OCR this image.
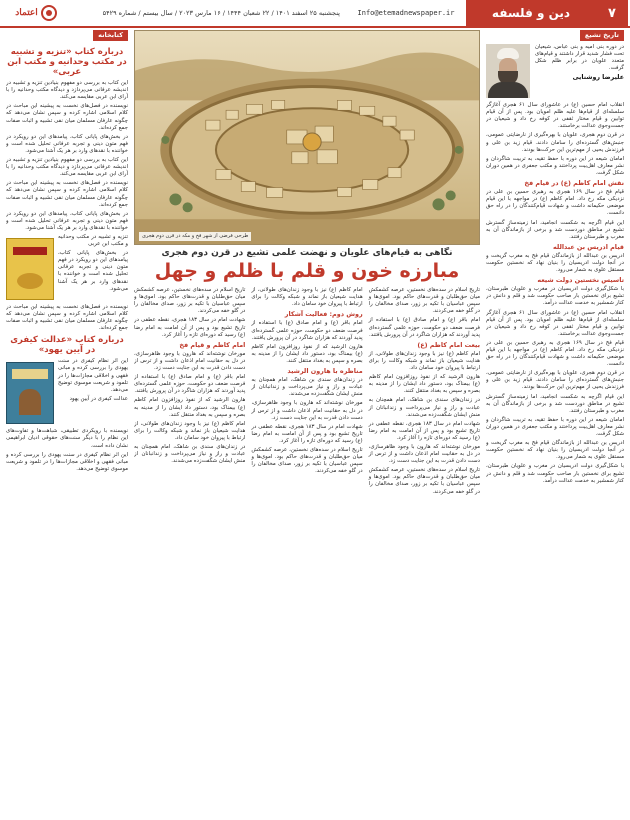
۷
دین و فلسفه
Info@etemadnewspaper.ir
پنجشنبه ۲۵ اسفند ۱۴۰۱ / ۲۲ شعبان ۱۴۴۴ / ۱۶ مارس ۲۰۲۳ / سال بیستم / شماره ۵۴۲۹
اعتماد
تاریخ تشیع

در دوره بنی امیه و بنی عباس، شیعیان تحت فشار شدید قرار داشتند و قیام‌های متعدد علویان در برابر ظلم شکل گرفت.

علیرضا روشنایی

انقلاب امام حسین (ع) در عاشورای سال ۶۱ هجری آغازگر سلسله‌ای از قیام‌ها علیه ظلم امویان بود. پس از آن قیام توابین و قیام مختار ثقفی در کوفه رخ داد و شیعیان در جست‌وجوی عدالت برخاستند.

در قرن دوم هجری، علویان با بهره‌گیری از نارضایتی عمومی، جنبش‌های گسترده‌ای را سامان دادند. قیام زید بن علی و فرزندش یحیی از مهم‌ترین این حرکت‌ها بودند.

امامان شیعه در این دوره با حفظ تقیه، به تربیت شاگردان و نشر معارف اهل‌بیت پرداختند و مکتب جعفری در همین دوران شکل گرفت.

نقش امام کاظم (ع) در قیام فخ

قیام فخ در سال ۱۶۹ هجری به رهبری حسین بن علی در نزدیکی مکه رخ داد. امام کاظم (ع) در مواجهه با این قیام موضعی حکیمانه داشت و شهادت قیام‌کنندگان را در راه حق دانست.

این قیام اگرچه به شکست انجامید، اما زمینه‌ساز گسترش تشیع در مناطق دوردست شد و برخی از بازماندگان آن به مغرب و طبرستان رفتند.

قیام ادریس بن عبدالله

ادریس بن عبدالله از بازماندگان قیام فخ به مغرب گریخت و در آنجا دولت ادریسیان را بنیان نهاد که نخستین حکومت مستقل علوی به شمار می‌رود.

تاسیس نخستین دولت شیعه

با شکل‌گیری دولت ادریسیان در مغرب و علویان طبرستان، تشیع برای نخستین بار صاحب حکومت شد و قلم و دانش در کنار شمشیر به خدمت عدالت درآمد.

انقلاب امام حسین (ع) در عاشورای سال ۶۱ هجری آغازگر سلسله‌ای از قیام‌ها علیه ظلم امویان بود. پس از آن قیام توابین و قیام مختار ثقفی در کوفه رخ داد و شیعیان در جست‌وجوی عدالت برخاستند.

قیام فخ در سال ۱۶۹ هجری به رهبری حسین بن علی در نزدیکی مکه رخ داد. امام کاظم (ع) در مواجهه با این قیام موضعی حکیمانه داشت و شهادت قیام‌کنندگان را در راه حق دانست.

در قرن دوم هجری، علویان با بهره‌گیری از نارضایتی عمومی، جنبش‌های گسترده‌ای را سامان دادند. قیام زید بن علی و فرزندش یحیی از مهم‌ترین این حرکت‌ها بودند.

این قیام اگرچه به شکست انجامید، اما زمینه‌ساز گسترش تشیع در مناطق دوردست شد و برخی از بازماندگان آن به مغرب و طبرستان رفتند.

امامان شیعه در این دوره با حفظ تقیه، به تربیت شاگردان و نشر معارف اهل‌بیت پرداختند و مکتب جعفری در همین دوران شکل گرفت.

ادریس بن عبدالله از بازماندگان قیام فخ به مغرب گریخت و در آنجا دولت ادریسیان را بنیان نهاد که نخستین حکومت مستقل علوی به شمار می‌رود.

با شکل‌گیری دولت ادریسیان در مغرب و علویان طبرستان، تشیع برای نخستین بار صاحب حکومت شد و قلم و دانش در کنار شمشیر به خدمت عدالت درآمد.

کتابخانه
درباره کتاب «تنزیه و تشبیه در مکتب وحدانیه و مکتب ابن عربی»

این کتاب به بررسی دو مفهوم بنیادین تنزیه و تشبیه در اندیشه عرفانی می‌پردازد و دیدگاه مکتب وحدانیه را با آرای ابن عربی مقایسه می‌کند.

نویسنده در فصل‌های نخست به پیشینه این مباحث در کلام اسلامی اشاره کرده و سپس نشان می‌دهد که چگونه عارفان مسلمان میان نفی تشبیه و اثبات صفات جمع کرده‌اند.

در بخش‌های پایانی کتاب، پیامدهای این دو رویکرد در فهم متون دینی و تجربه عرفانی تحلیل شده است و خواننده با نقدهای وارد بر هر یک آشنا می‌شود.

این کتاب به بررسی دو مفهوم بنیادین تنزیه و تشبیه در اندیشه عرفانی می‌پردازد و دیدگاه مکتب وحدانیه را با آرای ابن عربی مقایسه می‌کند.

نویسنده در فصل‌های نخست به پیشینه این مباحث در کلام اسلامی اشاره کرده و سپس نشان می‌دهد که چگونه عارفان مسلمان میان نفی تشبیه و اثبات صفات جمع کرده‌اند.

در بخش‌های پایانی کتاب، پیامدهای این دو رویکرد در فهم متون دینی و تجربه عرفانی تحلیل شده است و خواننده با نقدهای وارد بر هر یک آشنا می‌شود.

تنزیه و تشبیه در مکتب وحدانیه و مکتب ابن عربی

در بخش‌های پایانی کتاب، پیامدهای این دو رویکرد در فهم متون دینی و تجربه عرفانی تحلیل شده است و خواننده با نقدهای وارد بر هر یک آشنا می‌شود.

نویسنده در فصل‌های نخست به پیشینه این مباحث در کلام اسلامی اشاره کرده و سپس نشان می‌دهد که چگونه عارفان مسلمان میان نفی تشبیه و اثبات صفات جمع کرده‌اند.

درباره کتاب «عدالت کیفری در آیین یهود»

این اثر نظام کیفری در سنت یهودی را بررسی کرده و مبانی فقهی و اخلاقی مجازات‌ها را در تلمود و شریعت موسوی توضیح می‌دهد.

عدالت کیفری در آیین یهود

نویسنده با رویکردی تطبیقی، شباهت‌ها و تفاوت‌های این نظام را با دیگر سنت‌های حقوقی ادیان ابراهیمی نشان داده است.

این اثر نظام کیفری در سنت یهودی را بررسی کرده و مبانی فقهی و اخلاقی مجازات‌ها را در تلمود و شریعت موسوی توضیح می‌دهد.

طرحی فرضی از شهر فخ و مکه در قرن دوم هجری
نگاهی به قیام‌های علویان و نهضت علمی تشیع در قرن دوم هجری
مبارزه خون و قلم با ظلم و جهل

تاریخ اسلام در سده‌های نخستین، عرصه کشمکش میان حق‌طلبان و قدرت‌های حاکم بود. اموی‌ها و سپس عباسیان با تکیه بر زور، صدای مخالفان را در گلو خفه می‌کردند.

امام باقر (ع) و امام صادق (ع) با استفاده از فرصت ضعف دو حکومت، حوزه علمی گسترده‌ای پدید آوردند که هزاران شاگرد در آن پرورش یافتند.

بیعت امام کاظم (ع)

امام کاظم (ع) نیز با وجود زندان‌های طولانی، از هدایت شیعیان باز نماند و شبکه وکالت را برای ارتباط با پیروان خود سامان داد.

هارون الرشید که از نفوذ روزافزون امام کاظم (ع) بیمناک بود، دستور داد ایشان را از مدینه به بصره و سپس به بغداد منتقل کنند.

در زندان‌های سندی بن شاهک، امام همچنان به عبادت و راز و نیاز می‌پرداخت و زندانبانان از منش ایشان شگفت‌زده می‌شدند.

شهادت امام در سال ۱۸۳ هجری، نقطه عطفی در تاریخ تشیع بود و پس از آن امامت به امام رضا (ع) رسید که دوره‌ای تازه را آغاز کرد.

مورخان نوشته‌اند که هارون با وجود ظاهرسازی، در دل به حقانیت امام اذعان داشت و از ترس از دست دادن قدرت به این جنایت دست زد.

تاریخ اسلام در سده‌های نخستین، عرصه کشمکش میان حق‌طلبان و قدرت‌های حاکم بود. اموی‌ها و سپس عباسیان با تکیه بر زور، صدای مخالفان را در گلو خفه می‌کردند.

امام کاظم (ع) نیز با وجود زندان‌های طولانی، از هدایت شیعیان باز نماند و شبکه وکالت را برای ارتباط با پیروان خود سامان داد.

روش دوم: فعالیت آشکار

امام باقر (ع) و امام صادق (ع) با استفاده از فرصت ضعف دو حکومت، حوزه علمی گسترده‌ای پدید آوردند که هزاران شاگرد در آن پرورش یافتند.

هارون الرشید که از نفوذ روزافزون امام کاظم (ع) بیمناک بود، دستور داد ایشان را از مدینه به بصره و سپس به بغداد منتقل کنند.

مناظره با هارون الرشید

در زندان‌های سندی بن شاهک، امام همچنان به عبادت و راز و نیاز می‌پرداخت و زندانبانان از منش ایشان شگفت‌زده می‌شدند.

مورخان نوشته‌اند که هارون با وجود ظاهرسازی، در دل به حقانیت امام اذعان داشت و از ترس از دست دادن قدرت به این جنایت دست زد.

شهادت امام در سال ۱۸۳ هجری، نقطه عطفی در تاریخ تشیع بود و پس از آن امامت به امام رضا (ع) رسید که دوره‌ای تازه را آغاز کرد.

تاریخ اسلام در سده‌های نخستین، عرصه کشمکش میان حق‌طلبان و قدرت‌های حاکم بود. اموی‌ها و سپس عباسیان با تکیه بر زور، صدای مخالفان را در گلو خفه می‌کردند.

تاریخ اسلام در سده‌های نخستین، عرصه کشمکش میان حق‌طلبان و قدرت‌های حاکم بود. اموی‌ها و سپس عباسیان با تکیه بر زور، صدای مخالفان را در گلو خفه می‌کردند.

شهادت امام در سال ۱۸۳ هجری، نقطه عطفی در تاریخ تشیع بود و پس از آن امامت به امام رضا (ع) رسید که دوره‌ای تازه را آغاز کرد.

امام کاظم و قیام فخ

مورخان نوشته‌اند که هارون با وجود ظاهرسازی، در دل به حقانیت امام اذعان داشت و از ترس از دست دادن قدرت به این جنایت دست زد.

امام باقر (ع) و امام صادق (ع) با استفاده از فرصت ضعف دو حکومت، حوزه علمی گسترده‌ای پدید آوردند که هزاران شاگرد در آن پرورش یافتند.

هارون الرشید که از نفوذ روزافزون امام کاظم (ع) بیمناک بود، دستور داد ایشان را از مدینه به بصره و سپس به بغداد منتقل کنند.

امام کاظم (ع) نیز با وجود زندان‌های طولانی، از هدایت شیعیان باز نماند و شبکه وکالت را برای ارتباط با پیروان خود سامان داد.

در زندان‌های سندی بن شاهک، امام همچنان به عبادت و راز و نیاز می‌پرداخت و زندانبانان از منش ایشان شگفت‌زده می‌شدند.
